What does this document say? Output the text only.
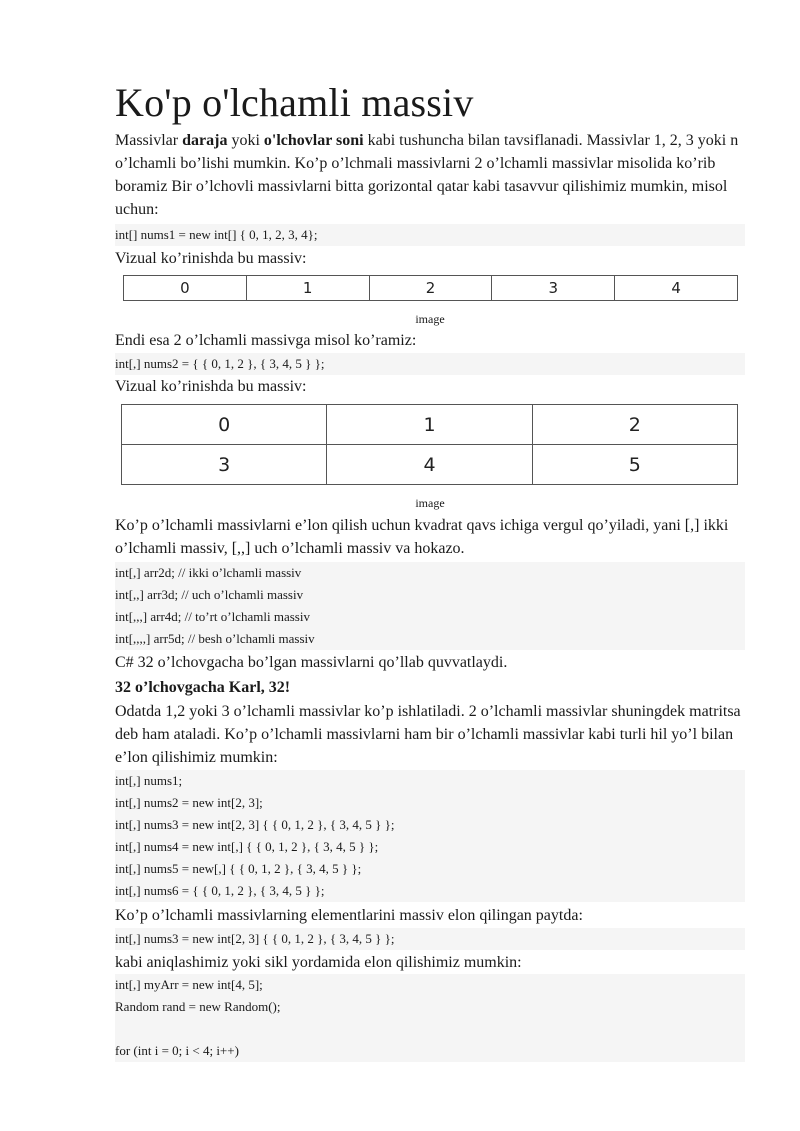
Ko'p o'lchamli massiv

Massivlar daraja yoki o'lchovlar soni kabi tushuncha bilan tavsiflanadi. Massivlar 1, 2, 3 yoki n o’lchamli bo’lishi mumkin. Ko’p o’lchmali massivlarni 2 o’lchamli massivlar misolida ko’rib boramiz Bir o’lchovli massivlarni bitta gorizontal qatar kabi tasavvur qilishimiz mumkin, misol uchun:

int[] nums1 = new int[] { 0, 1, 2, 3, 4};

Vizual ko’rinishda bu massiv:

0	1	2	3	4
image

Endi esa 2 o’lchamli massivga misol ko’ramiz:

int[,] nums2 = { { 0, 1, 2 }, { 3, 4, 5 } };

Vizual ko’rinishda bu massiv:

0	1	2
3	4	5
image

Ko’p o’lchamli massivlarni e’lon qilish uchun kvadrat qavs ichiga vergul qo’yiladi, yani [,] ikki o’lchamli massiv, [,,] uch o’lchamli massiv va hokazo.

int[,] arr2d; // ikki o’lchamli massiv
int[,,] arr3d; // uch o’lchamli massiv
int[,,,] arr4d; // to’rt o’lchamli massiv
int[,,,,] arr5d; // besh o’lchamli massiv

C# 32 o’lchovgacha bo’lgan massivlarni qo’llab quvvatlaydi.

32 o’lchovgacha Karl, 32!

Odatda 1,2 yoki 3 o’lchamli massivlar ko’p ishlatiladi. 2 o’lchamli massivlar shuningdek matritsa deb ham ataladi. Ko’p o’lchamli massivlarni ham bir o’lchamli massivlar kabi turli hil yo’l bilan e’lon qilishimiz mumkin:

int[,] nums1;
int[,] nums2 = new int[2, 3];
int[,] nums3 = new int[2, 3] { { 0, 1, 2 }, { 3, 4, 5 } };
int[,] nums4 = new int[,] { { 0, 1, 2 }, { 3, 4, 5 } };
int[,] nums5 = new[,] { { 0, 1, 2 }, { 3, 4, 5 } };
int[,] nums6 = { { 0, 1, 2 }, { 3, 4, 5 } };

Ko’p o’lchamli massivlarning elementlarini massiv elon qilingan paytda:

int[,] nums3 = new int[2, 3] { { 0, 1, 2 }, { 3, 4, 5 } };

kabi aniqlashimiz yoki sikl yordamida elon qilishimiz mumkin:

int[,] myArr = new int[4, 5];
Random rand = new Random();
for (int i = 0; i < 4; i++)
